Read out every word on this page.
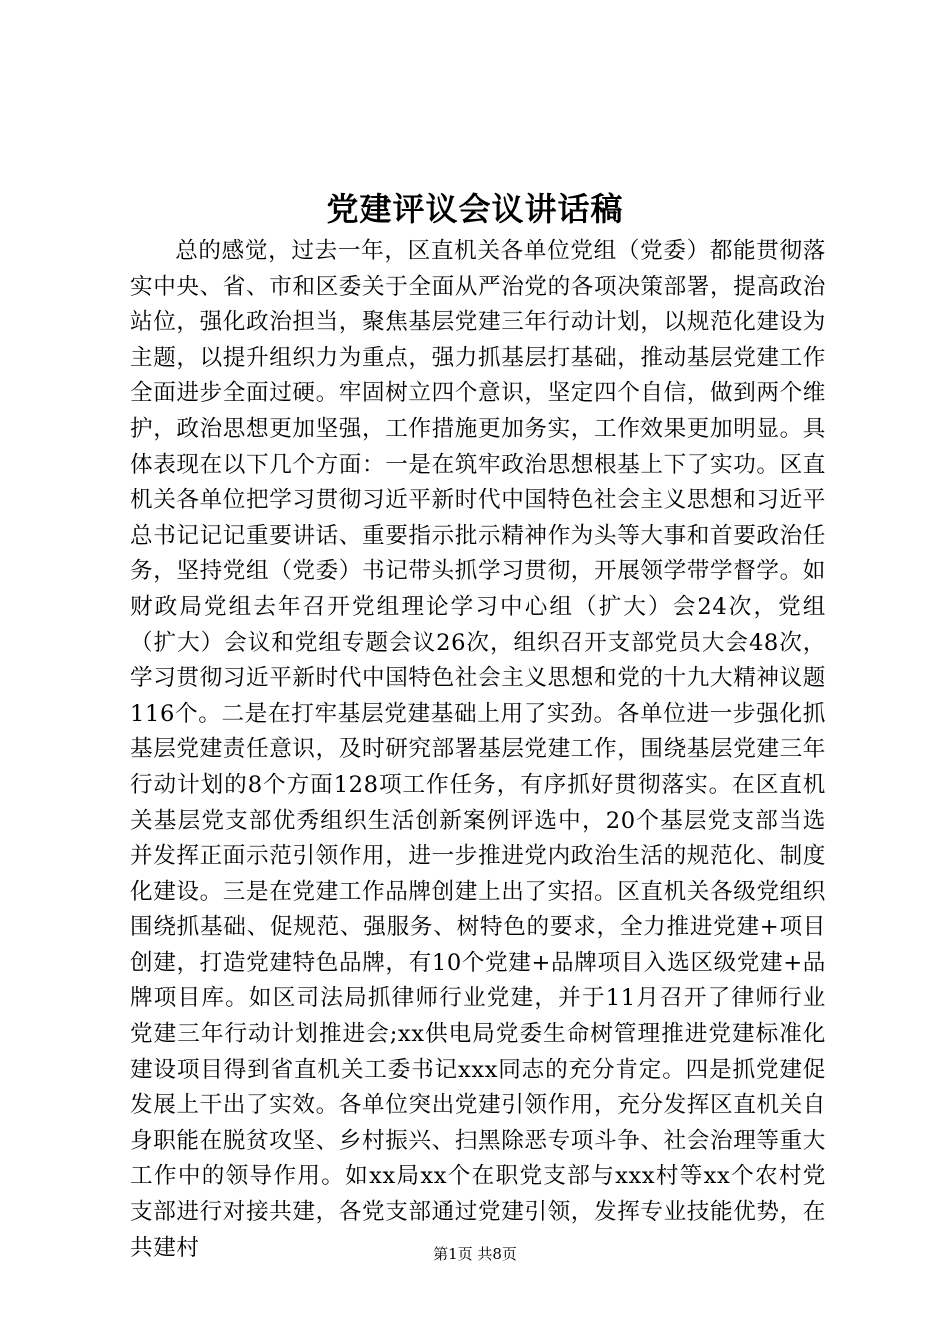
党建评议会议讲话稿

总的感觉，过去一年，区直机关各单位党组（党委）都能贯彻落实中央、省、市和区委关于全面从严治党的各项决策部署，提高政治站位，强化政治担当，聚焦基层党建三年行动计划，以规范化建设为主题，以提升组织力为重点，强力抓基层打基础，推动基层党建工作全面进步全面过硬。牢固树立四个意识，坚定四个自信，做到两个维护，政治思想更加坚强，工作措施更加务实，工作效果更加明显。具体表现在以下几个方面：一是在筑牢政治思想根基上下了实功。区直机关各单位把学习贯彻习近平新时代中国特色社会主义思想和习近平总书记记记重要讲话、重要指示批示精神作为头等大事和首要政治任务，坚持党组（党委）书记带头抓学习贯彻，开展领学带学督学。如财政局党组去年召开党组理论学习中心组（扩大）会24次，党组（扩大）会议和党组专题会议26次，组织召开支部党员大会48次，学习贯彻习近平新时代中国特色社会主义思想和党的十九大精神议题116个。二是在打牢基层党建基础上用了实劲。各单位进一步强化抓基层党建责任意识，及时研究部署基层党建工作，围绕基层党建三年行动计划的8个方面128项工作任务，有序抓好贯彻落实。在区直机关基层党支部优秀组织生活创新案例评选中，20个基层党支部当选并发挥正面示范引领作用，进一步推进党内政治生活的规范化、制度化建设。三是在党建工作品牌创建上出了实招。区直机关各级党组织围绕抓基础、促规范、强服务、树特色的要求，全力推进党建+项目创建，打造党建特色品牌，有10个党建+品牌项目入选区级党建+品牌项目库。如区司法局抓律师行业党建，并于11月召开了律师行业党建三年行动计划推进会;xx供电局党委生命树管理推进党建标准化建设项目得到省直机关工委书记xxx同志的充分肯定。四是抓党建促发展上干出了实效。各单位突出党建引领作用，充分发挥区直机关自身职能在脱贫攻坚、乡村振兴、扫黑除恶专项斗争、社会治理等重大工作中的领导作用。如xx局xx个在职党支部与xxx村等xx个农村党支部进行对接共建，各党支部通过党建引领，发挥专业技能优势，在共建村	第1页 共8页
